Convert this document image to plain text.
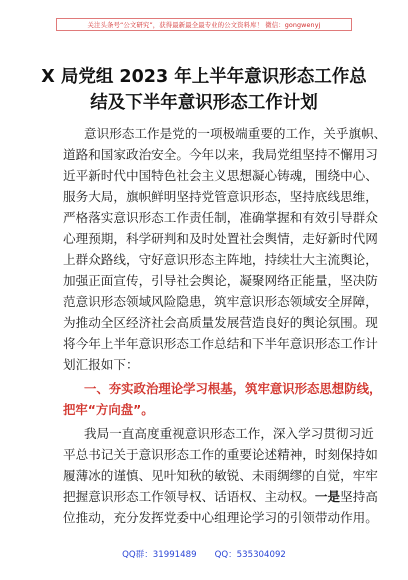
关注头条号“公文研究”，获得最新最全最专业的公文资料库！ 微信：gongwenyj
X 局党组 2023 年上半年意识形态工作总
结及下半年意识形态工作计划
意识形态工作是党的一项极端重要的工作，关乎旗帜、
道路和国家政治安全。今年以来，我局党组坚持不懈用习
近平新时代中国特色社会主义思想凝心铸魂，围绕中心、
服务大局，旗帜鲜明坚持党管意识形态，坚持底线思维，
严格落实意识形态工作责任制，准确掌握和有效引导群众
心理预期，科学研判和及时处置社会舆情，走好新时代网
上群众路线，守好意识形态主阵地，持续壮大主流舆论，
加强正面宣传，引导社会舆论，凝聚网络正能量，坚决防
范意识形态领域风险隐患，筑牢意识形态领域安全屏障，
为推动全区经济社会高质量发展营造良好的舆论氛围。现
将今年上半年意识形态工作总结和下半年意识形态工作计
划汇报如下：
一、夯实政治理论学习根基，筑牢意识形态思想防线，
把牢“方向盘”。
我局一直高度重视意识形态工作，深入学习贯彻习近
平总书记关于意识形态工作的重要论述精神，时刻保持如
履薄冰的谨慎、见叶知秋的敏锐、未雨绸缪的自觉，牢牢
把握意识形态工作领导权、话语权、主动权。一是坚持高
位推动，充分发挥党委中心组理论学习的引领带动作用。
QQ群：31991489 QQ：535304092
